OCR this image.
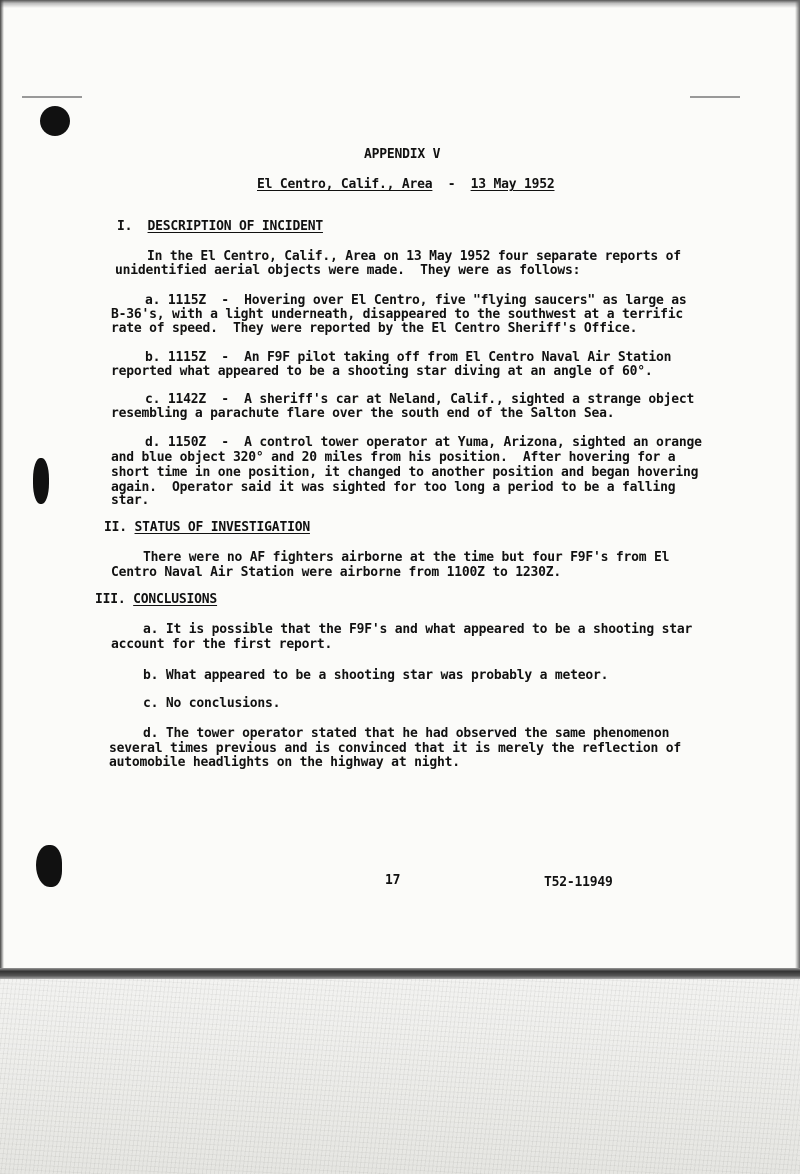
APPENDIX V
El Centro, Calif., Area - 13 May 1952
I. DESCRIPTION OF INCIDENT
In the El Centro, Calif., Area on 13 May 1952 four separate reports of
unidentified aerial objects were made.  They were as follows:
a. 1115Z  -  Hovering over El Centro, five "flying saucers" as large as
B-36's, with a light underneath, disappeared to the southwest at a terrific
rate of speed.  They were reported by the El Centro Sheriff's Office.
b. 1115Z  -  An F9F pilot taking off from El Centro Naval Air Station
reported what appeared to be a shooting star diving at an angle of 60°.
c. 1142Z  -  A sheriff's car at Neland, Calif., sighted a strange object
resembling a parachute flare over the south end of the Salton Sea.
d. 1150Z  -  A control tower operator at Yuma, Arizona, sighted an orange
and blue object 320° and 20 miles from his position.  After hovering for a
short time in one position, it changed to another position and began hovering
again.  Operator said it was sighted for too long a period to be a falling
star.
II. STATUS OF INVESTIGATION
There were no AF fighters airborne at the time but four F9F's from El
Centro Naval Air Station were airborne from 1100Z to 1230Z.
III. CONCLUSIONS
a. It is possible that the F9F's and what appeared to be a shooting star
account for the first report.
b. What appeared to be a shooting star was probably a meteor.
c. No conclusions.
d. The tower operator stated that he had observed the same phenomenon
several times previous and is convinced that it is merely the reflection of
automobile headlights on the highway at night.
17	T52-11949
